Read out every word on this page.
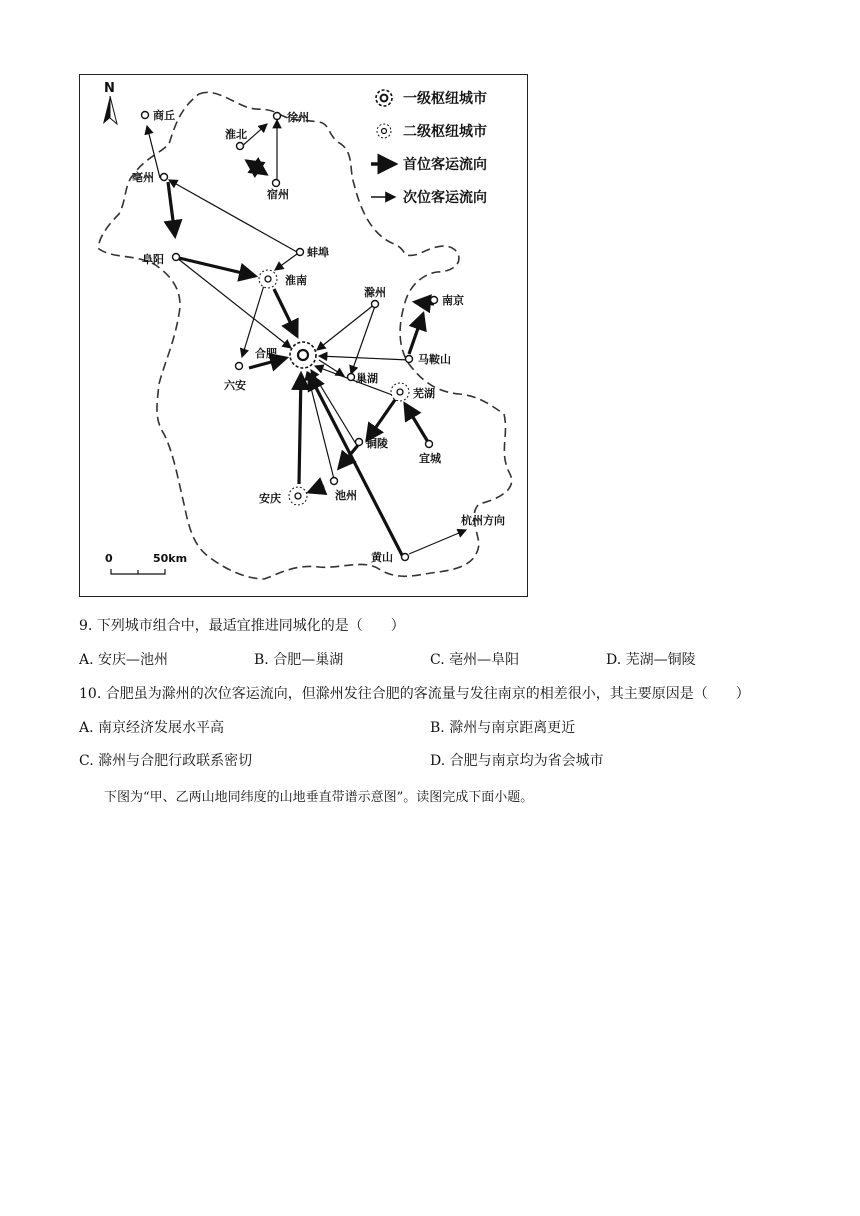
N
一级枢纽城市
二级枢纽城市
首位客运流向
次位客运流向
商丘
淮北
徐州
宿州
亳州
蚌埠
阜阳
淮南
滁州
南京
合肥	马鞍山
六安
巢湖
芜湖
铜陵
宜城
安庆	池州
黄山
杭州方向
0	50km
9. 下列城市组合中，最适宜推进同城化的是（　　）
A. 安庆—池州	B. 合肥—巢湖	C. 亳州—阜阳	D. 芜湖—铜陵
10. 合肥虽为滁州的次位客运流向，但滁州发往合肥的客流量与发往南京的相差很小，其主要原因是（　　）
A. 南京经济发展水平高	B. 滁州与南京距离更近
C. 滁州与合肥行政联系密切	D. 合肥与南京均为省会城市
下图为“甲、乙两山地同纬度的山地垂直带谱示意图”。读图完成下面小题。
